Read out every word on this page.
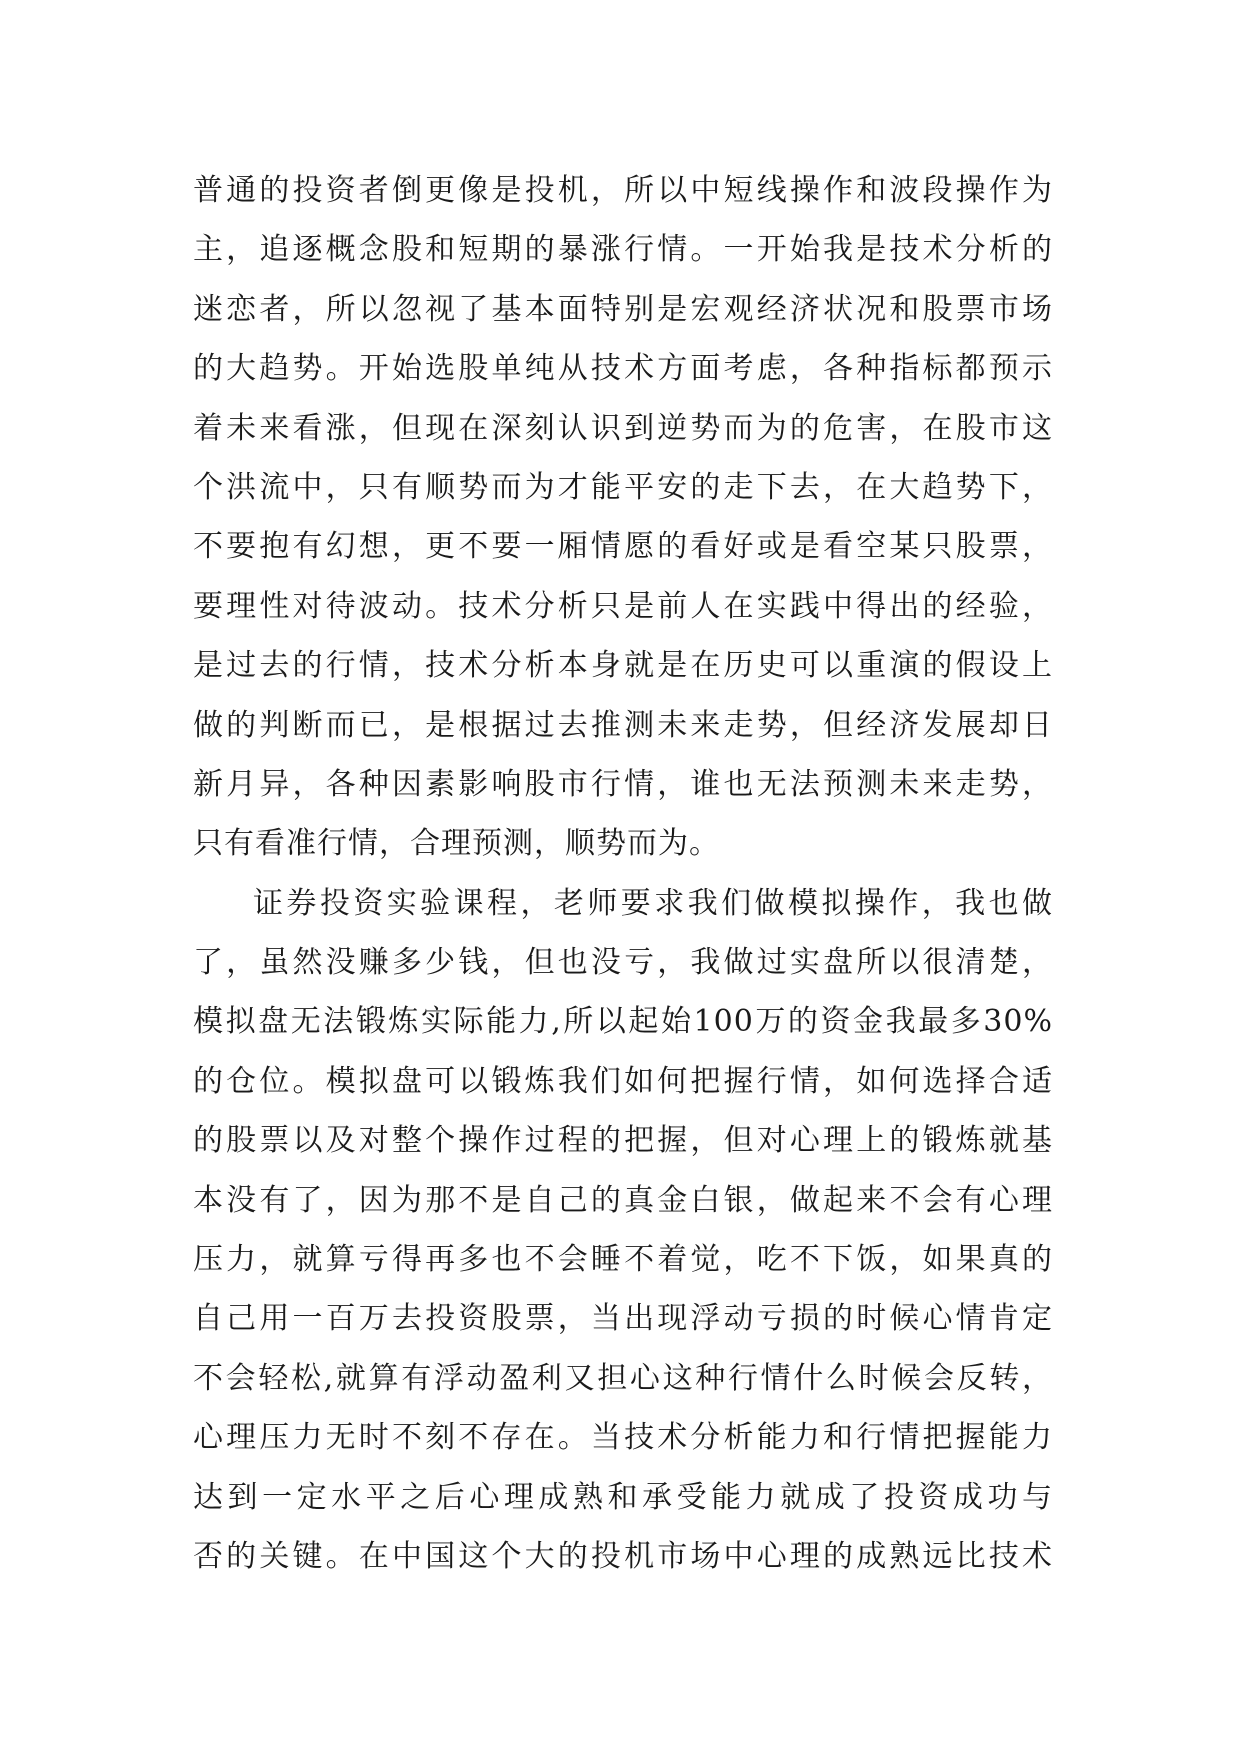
普通的投资者倒更像是投机，所以中短线操作和波段操作为
主，追逐概念股和短期的暴涨行情。一开始我是技术分析的
迷恋者，所以忽视了基本面特别是宏观经济状况和股票市场
的大趋势。开始选股单纯从技术方面考虑，各种指标都预示
着未来看涨，但现在深刻认识到逆势而为的危害，在股市这
个洪流中，只有顺势而为才能平安的走下去，在大趋势下，
不要抱有幻想，更不要一厢情愿的看好或是看空某只股票，
要理性对待波动。技术分析只是前人在实践中得出的经验，
是过去的行情，技术分析本身就是在历史可以重演的假设上
做的判断而已，是根据过去推测未来走势，但经济发展却日
新月异，各种因素影响股市行情，谁也无法预测未来走势，
只有看准行情，合理预测，顺势而为。
证券投资实验课程，老师要求我们做模拟操作，我也做
了，虽然没赚多少钱，但也没亏，我做过实盘所以很清楚，
模拟盘无法锻炼实际能力,所以起始100万的资金我最多30%
的仓位。模拟盘可以锻炼我们如何把握行情，如何选择合适
的股票以及对整个操作过程的把握，但对心理上的锻炼就基
本没有了，因为那不是自己的真金白银，做起来不会有心理
压力，就算亏得再多也不会睡不着觉，吃不下饭，如果真的
自己用一百万去投资股票，当出现浮动亏损的时候心情肯定
不会轻松,就算有浮动盈利又担心这种行情什么时候会反转，
心理压力无时不刻不存在。当技术分析能力和行情把握能力
达到一定水平之后心理成熟和承受能力就成了投资成功与
否的关键。在中国这个大的投机市场中心理的成熟远比技术
